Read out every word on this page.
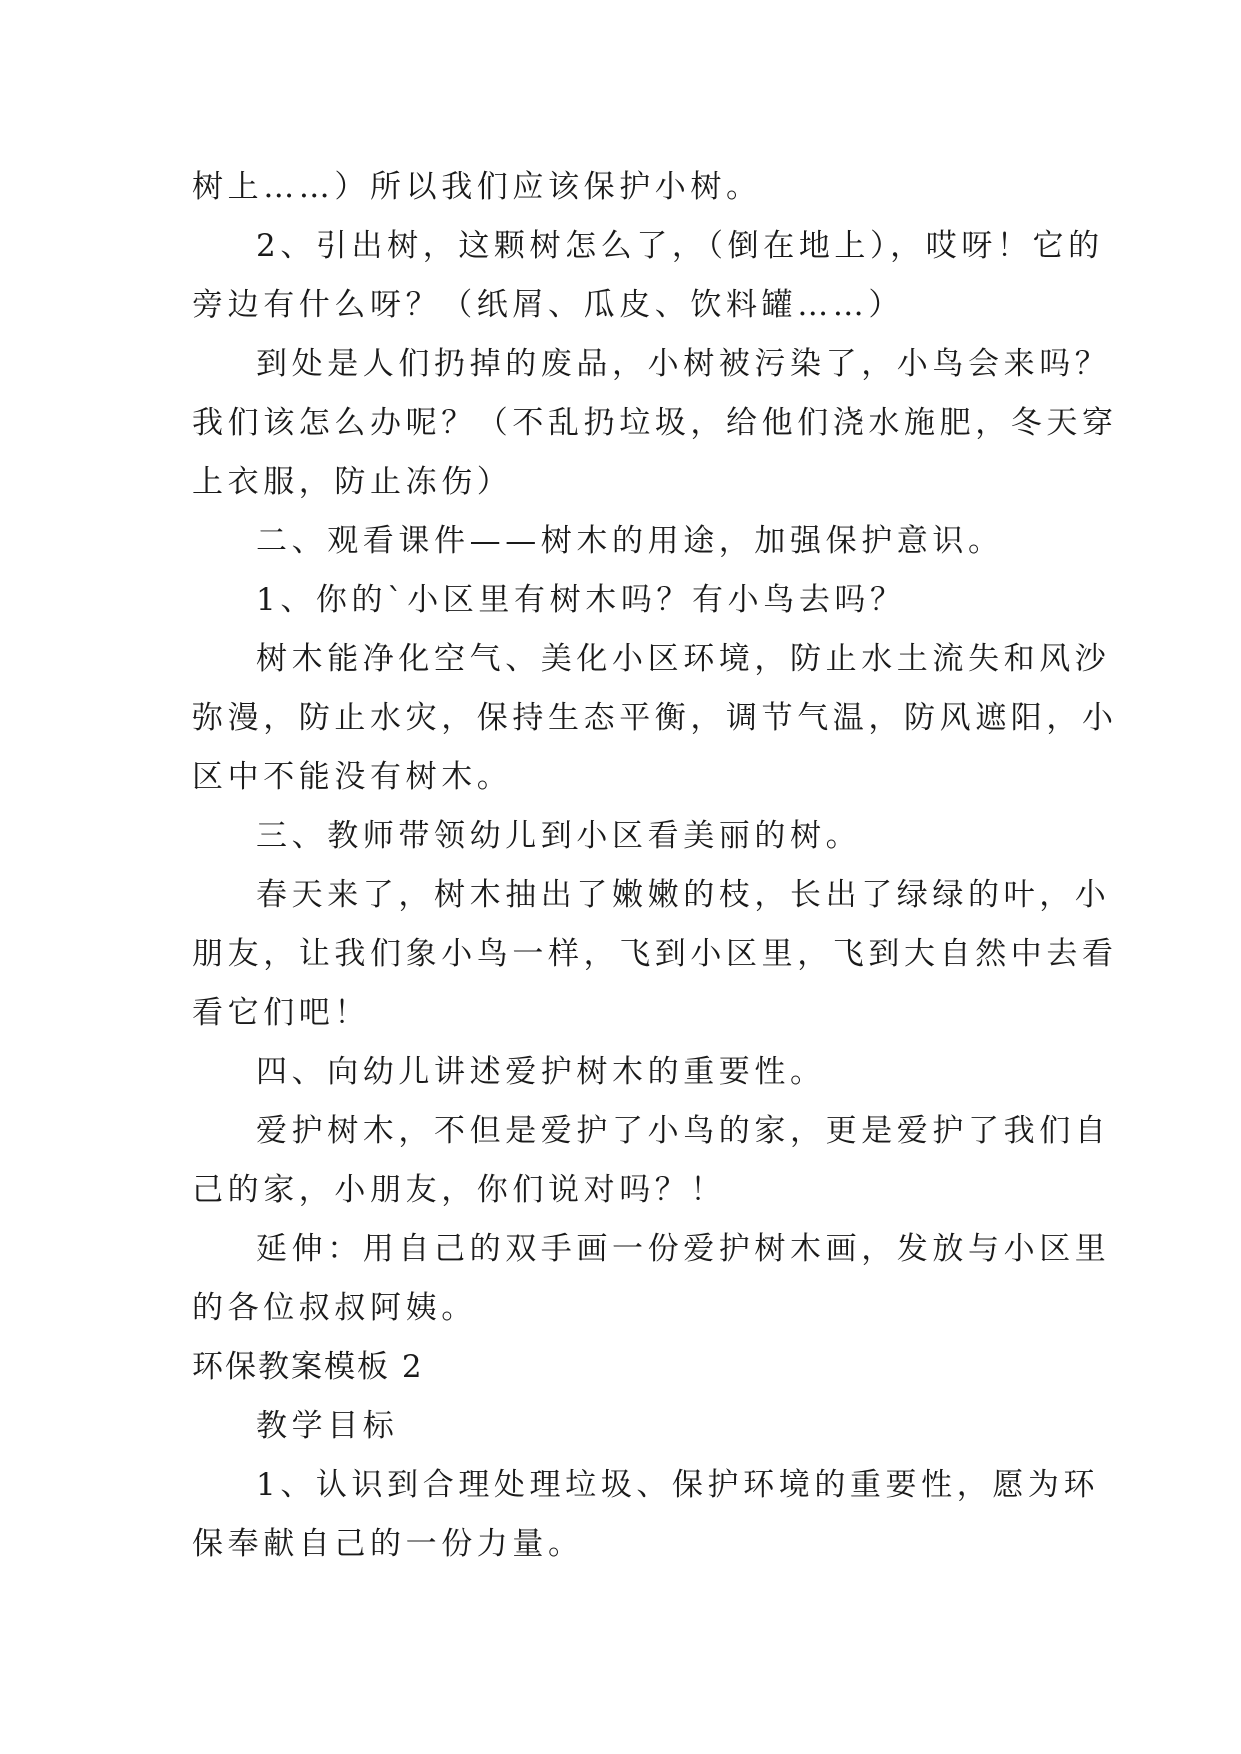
树上……）所以我们应该保护小树。
2、引出树，这颗树怎么了，（倒在地上），哎呀！它的
旁边有什么呀？（纸屑、瓜皮、饮料罐……）
到处是人们扔掉的废品，小树被污染了，小鸟会来吗？
我们该怎么办呢？（不乱扔垃圾，给他们浇水施肥，冬天穿
上衣服，防止冻伤）
二、观看课件——树木的用途，加强保护意识。
1、你的`小区里有树木吗？有小鸟去吗？
树木能净化空气、美化小区环境，防止水土流失和风沙
弥漫，防止水灾，保持生态平衡，调节气温，防风遮阳，小
区中不能没有树木。
三、教师带领幼儿到小区看美丽的树。
春天来了，树木抽出了嫩嫩的枝，长出了绿绿的叶，小
朋友，让我们象小鸟一样，飞到小区里，飞到大自然中去看
看它们吧！
四、向幼儿讲述爱护树木的重要性。
爱护树木，不但是爱护了小鸟的家，更是爱护了我们自
己的家，小朋友，你们说对吗？！
延伸：用自己的双手画一份爱护树木画，发放与小区里
的各位叔叔阿姨。
环保教案模板 2
教学目标
1、认识到合理处理垃圾、保护环境的重要性，愿为环
保奉献自己的一份力量。
